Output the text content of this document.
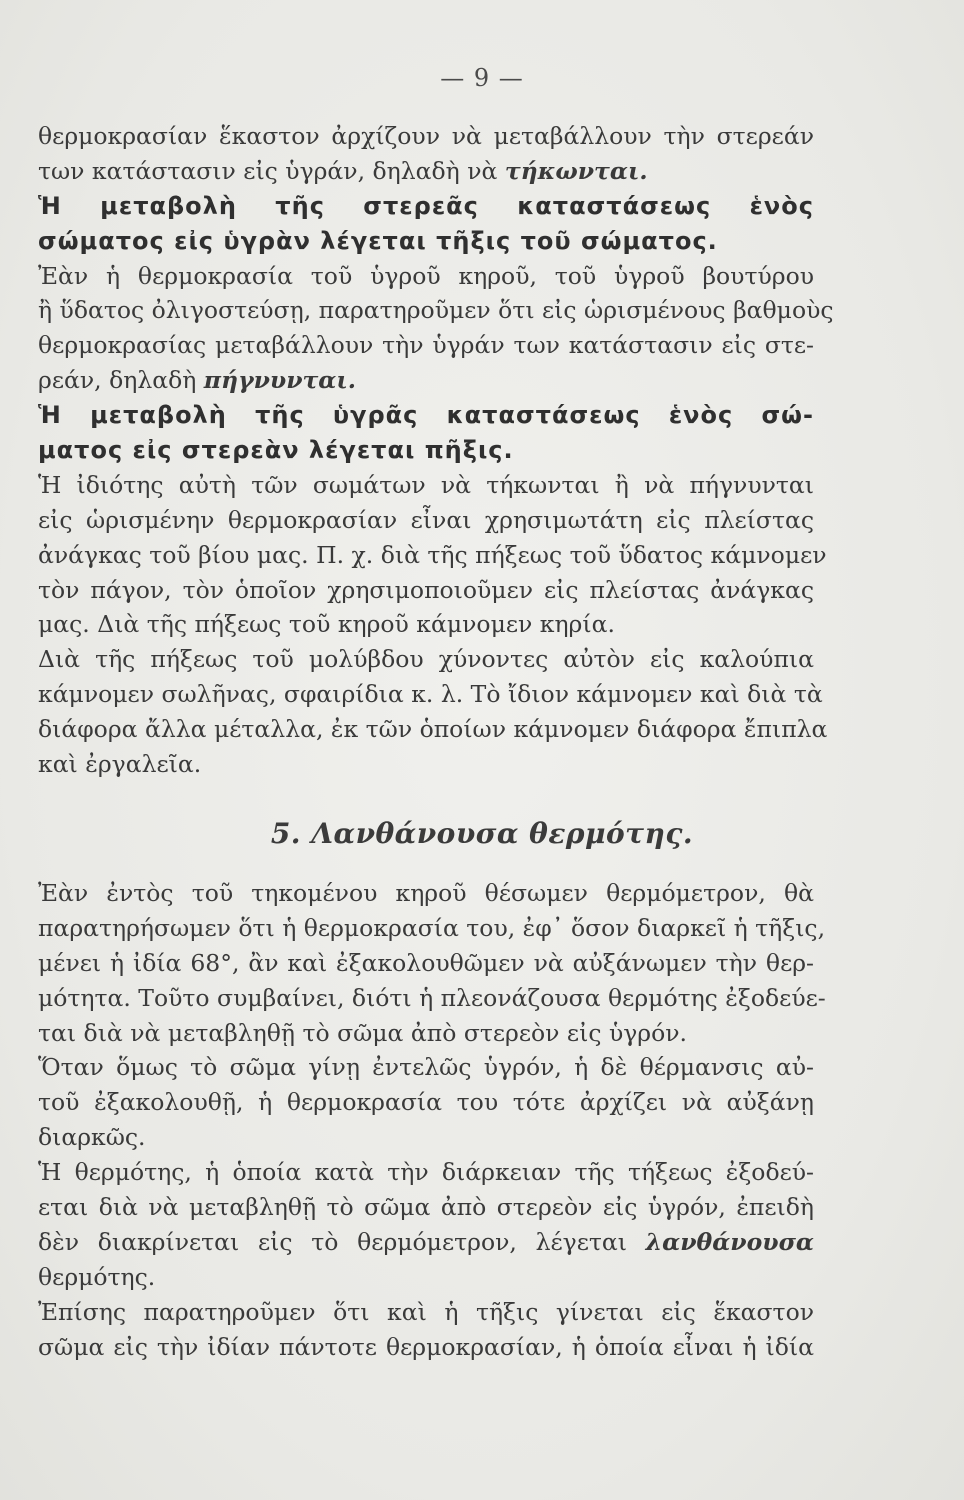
— 9 —
θερμοκρασίαν ἕκαστον ἀρχίζουν νὰ μεταβάλλουν τὴν στερεάν
των κατάστασιν εἰς ὑγράν, δηλαδὴ νὰ τήκωνται.
Ἡ μεταβολὴ τῆς στερεᾶς καταστάσεως ἑνὸς
σώματος εἰς ὑγρὰν λέγεται τῆξις τοῦ σώματος.
Ἐὰν ἡ θερμοκρασία τοῦ ὑγροῦ κηροῦ, τοῦ ὑγροῦ βουτύρου
ἢ ὕδατος ὀλιγοστεύσῃ, παρατηροῦμεν ὅτι εἰς ὡρισμένους βαθμοὺς
θερμοκρασίας μεταβάλλουν τὴν ὑγράν των κατάστασιν εἰς στε-
ρεάν, δηλαδὴ πήγνυνται.
Ἡ μεταβολὴ τῆς ὑγρᾶς καταστάσεως ἑνὸς σώ-
ματος εἰς στερεὰν λέγεται πῆξις.
Ἡ ἰδιότης αὐτὴ τῶν σωμάτων νὰ τήκωνται ἢ νὰ πήγνυνται
εἰς ὡρισμένην θερμοκρασίαν εἶναι χρησιμωτάτη εἰς πλείστας
ἀνάγκας τοῦ βίου μας. Π. χ. διὰ τῆς πήξεως τοῦ ὕδατος κάμνομεν
τὸν πάγον, τὸν ὁποῖον χρησιμοποιοῦμεν εἰς πλείστας ἀνάγκας
μας. Διὰ τῆς πήξεως τοῦ κηροῦ κάμνομεν κηρία.
Διὰ τῆς πήξεως τοῦ μολύβδου χύνοντες αὐτὸν εἰς καλούπια
κάμνομεν σωλῆνας, σφαιρίδια κ. λ. Τὸ ἴδιον κάμνομεν καὶ διὰ τὰ
διάφορα ἄλλα μέταλλα, ἐκ τῶν ὁποίων κάμνομεν διάφορα ἔπιπλα
καὶ ἐργαλεῖα.
5. Λανθάνουσα θερμότης.
Ἐὰν ἐντὸς τοῦ τηκομένου κηροῦ θέσωμεν θερμόμετρον, θὰ
παρατηρήσωμεν ὅτι ἡ θερμοκρασία του, ἐφ᾽ ὅσον διαρκεῖ ἡ τῆξις,
μένει ἡ ἰδία 68°, ἂν καὶ ἐξακολουθῶμεν νὰ αὐξάνωμεν τὴν θερ-
μότητα. Τοῦτο συμβαίνει, διότι ἡ πλεονάζουσα θερμότης ἐξοδεύε-
ται διὰ νὰ μεταβληθῇ τὸ σῶμα ἀπὸ στερεὸν εἰς ὑγρόν.
Ὅταν ὅμως τὸ σῶμα γίνῃ ἐντελῶς ὑγρόν, ἡ δὲ θέρμανσις αὐ-
τοῦ ἐξακολουθῇ, ἡ θερμοκρασία του τότε ἀρχίζει νὰ αὐξάνῃ
διαρκῶς.
Ἡ θερμότης, ἡ ὁποία κατὰ τὴν διάρκειαν τῆς τήξεως ἐξοδεύ-
εται διὰ νὰ μεταβληθῇ τὸ σῶμα ἀπὸ στερεὸν εἰς ὑγρόν, ἐπειδὴ
δὲν διακρίνεται εἰς τὸ θερμόμετρον, λέγεται λανθάνουσα
θερμότης.
Ἐπίσης παρατηροῦμεν ὅτι καὶ ἡ τῆξις γίνεται εἰς ἕκαστον
σῶμα εἰς τὴν ἰδίαν πάντοτε θερμοκρασίαν, ἡ ὁποία εἶναι ἡ ἰδία
